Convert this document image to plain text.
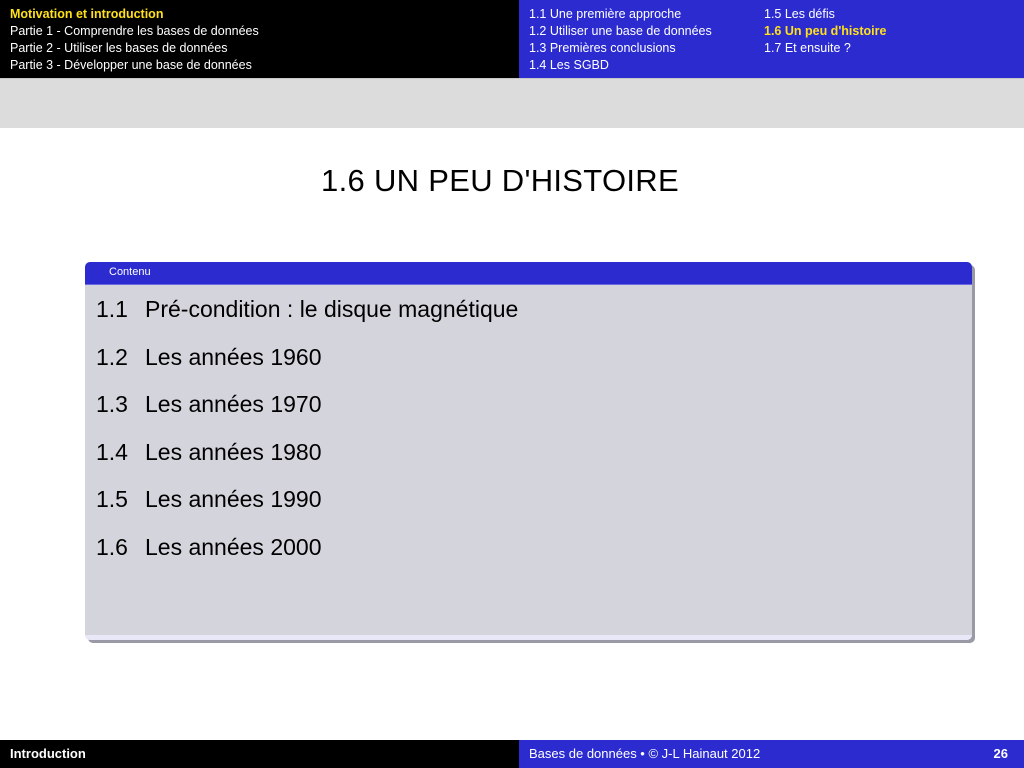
Motivation et introduction
Partie 1 - Comprendre les bases de données
Partie 2 - Utiliser les bases de données
Partie 3 - Développer une base de données
1.1 Une première approche
1.2 Utiliser une base de données
1.3 Premières conclusions
1.4 Les SGBD
1.5 Les défis
1.6 Un peu d'histoire
1.7 Et ensuite ?
1.6 UN PEU D'HISTOIRE
Contenu
1.1 Pré-condition : le disque magnétique
1.2 Les années 1960
1.3 Les années 1970
1.4 Les années 1980
1.5 Les années 1990
1.6 Les années 2000
Introduction	Bases de données • © J-L Hainaut 2012	26
